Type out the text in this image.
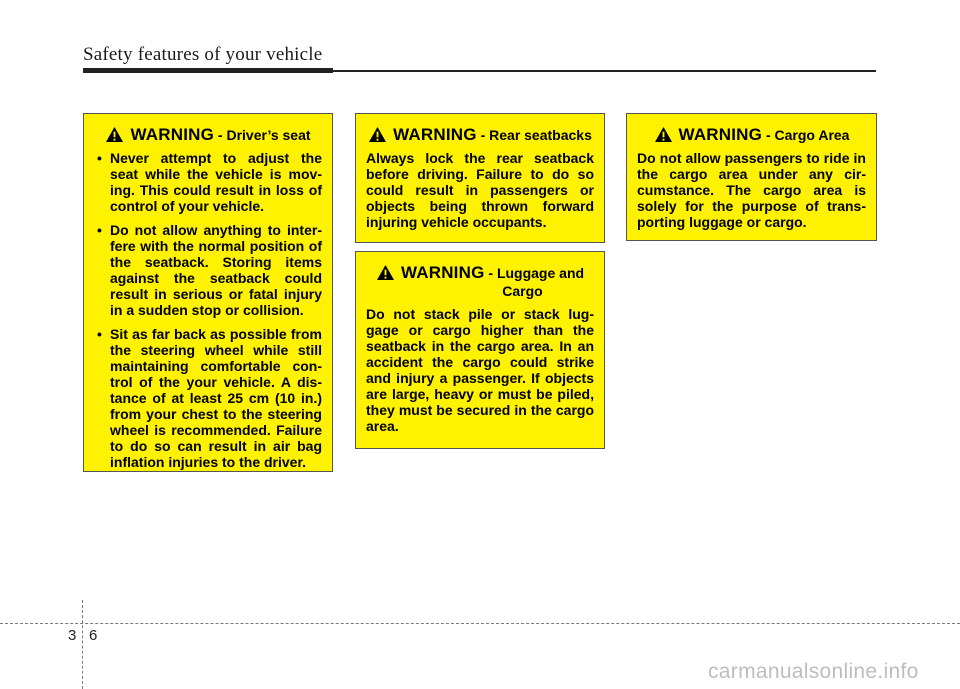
Safety features of your vehicle
WARNING - Driver’s seat
• Never attempt to adjust the seat while the vehicle is mov-ing. This could result in loss of control of your vehicle.
• Do not allow anything to inter-fere with the normal position of the seatback. Storing items against the seatback could result in serious or fatal injury in a sudden stop or collision.
• Sit as far back as possible from the steering wheel while still maintaining comfortable con-trol of the your vehicle. A dis-tance of at least 25 cm (10 in.) from your chest to the steering wheel is recommended. Failure to do so can result in air bag inflation injuries to the driver.
WARNING - Rear seatbacks

Always lock the rear seatback before driving. Failure to do so could result in passengers or objects being thrown forward injuring vehicle occupants.

WARNING - Luggage and
Cargo

Do not stack pile or stack lug-gage or cargo higher than the seatback in the cargo area. In an accident the cargo could strike and injury a passenger. If objects are large, heavy or must be piled, they must be secured in the cargo area.

WARNING - Cargo Area

Do not allow passengers to ride in the cargo area under any cir-cumstance. The cargo area is solely for the purpose of trans-porting luggage or cargo.

3 6
carmanualsonline.info
